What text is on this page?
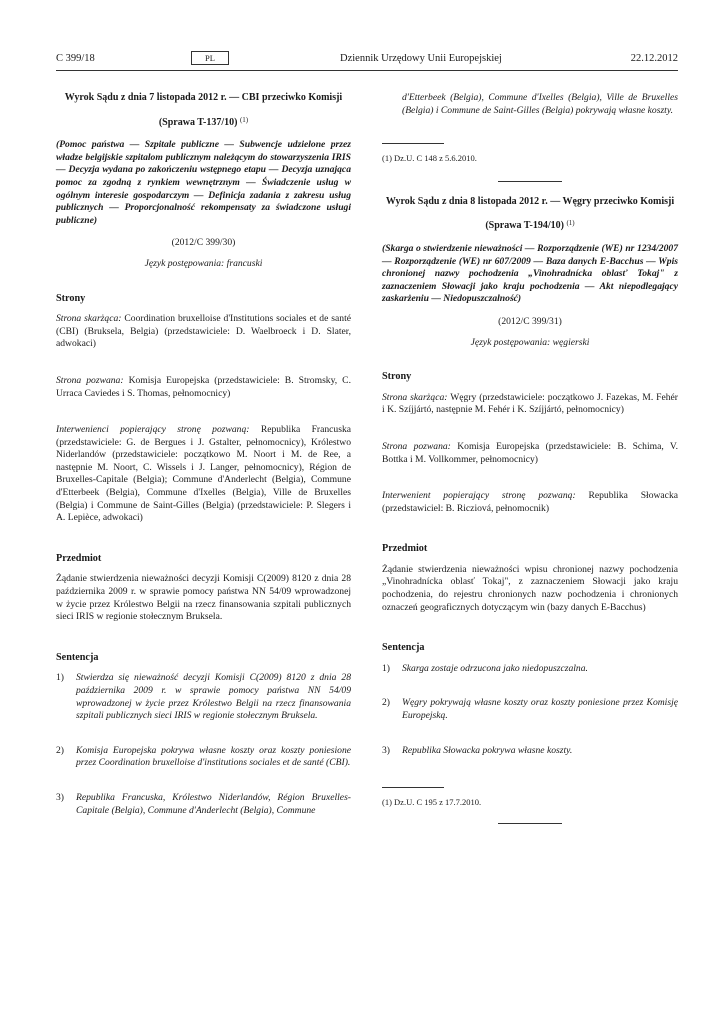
C 399/18	PL	Dziennik Urzędowy Unii Europejskiej	22.12.2012

Wyrok Sądu z dnia 7 listopada 2012 r. — CBI przeciwko Komisji

(Sprawa T-137/10) $^{(1)}$

(Pomoc państwa — Szpitale publiczne — Subwencje udzielone przez władze belgijskie szpitalom publicznym należącym do stowarzyszenia IRIS — Decyzja wydana po zakończeniu wstępnego etapu — Decyzja uznająca pomoc za zgodną z rynkiem wewnętrznym — Świadczenie usług w ogólnym interesie gospodarczym — Definicja zadania z zakresu usług publicznych — Proporcjonalność rekompensaty za świadczone usługi publiczne)

(2012/C 399/30)

Język postępowania: francuski

Strony

Strona skarżąca: Coordination bruxelloise d'Institutions sociales et de santé (CBI) (Bruksela, Belgia) (przedstawiciele: D. Waelbroeck i D. Slater, adwokaci)

Strona pozwana: Komisja Europejska (przedstawiciele: B. Stromsky, C. Urraca Caviedes i S. Thomas, pełnomocnicy)

Interwenienci popierający stronę pozwaną: Republika Francuska (przedstawiciele: G. de Bergues i J. Gstalter, pełnomocnicy), Królestwo Niderlandów (przedstawiciele: początkowo M. Noort i M. de Ree, a następnie M. Noort, C. Wissels i J. Langer, pełnomocnicy), Région de Bruxelles-Capitale (Belgia); Commune d'Anderlecht (Belgia), Commune d'Etterbeek (Belgia), Commune d'Ixelles (Belgia), Ville de Bruxelles (Belgia) i Commune de Saint-Gilles (Belgia) (przedstawiciele: P. Slegers i A. Lepièce, adwokaci)

Przedmiot

Żądanie stwierdzenia nieważności decyzji Komisji C(2009) 8120 z dnia 28 października 2009 r. w sprawie pomocy państwa NN 54/09 wprowadzonej w życie przez Królestwo Belgii na rzecz finansowania szpitali publicznych sieci IRIS w regionie stołecznym Bruksela.

Sentencja

1) Stwierdza się nieważność decyzji Komisji C(2009) 8120 z dnia 28 października 2009 r. w sprawie pomocy państwa NN 54/09 wprowadzonej w życie przez Królestwo Belgii na rzecz finansowania szpitali publicznych sieci IRIS w regionie stołecznym Bruksela.
2) Komisja Europejska pokrywa własne koszty oraz koszty poniesione przez Coordination bruxelloise d'institutions sociales et de santé (CBI).
3) Republika Francuska, Królestwo Niderlandów, Région Bruxelles-Capitale (Belgia), Commune d'Anderlecht (Belgia), Commune

d'Etterbeek (Belgia), Commune d'Ixelles (Belgia), Ville de Bruxelles (Belgia) i Commune de Saint-Gilles (Belgia) pokrywają własne koszty.

(1) Dz.U. C 148 z 5.6.2010.

Wyrok Sądu z dnia 8 listopada 2012 r. — Węgry przeciwko Komisji

(Sprawa T-194/10) $^{(1)}$

(Skarga o stwierdzenie nieważności — Rozporządzenie (WE) nr 1234/2007 — Rozporządzenie (WE) nr 607/2009 — Baza danych E-Bacchus — Wpis chronionej nazwy pochodzenia „Vinohradnícka oblasť Tokaj" z zaznaczeniem Słowacji jako kraju pochodzenia — Akt niepodlegający zaskarżeniu — Niedopuszczalność)

(2012/C 399/31)

Język postępowania: węgierski

Strony

Strona skarżąca: Węgry (przedstawiciele: początkowo J. Fazekas, M. Fehér i K. Szíjjártó, następnie M. Fehér i K. Szíjjártó, pełnomocnicy)

Strona pozwana: Komisja Europejska (przedstawiciele: B. Schima, V. Bottka i M. Vollkommer, pełnomocnicy)

Interwenient popierający stronę pozwaną: Republika Słowacka (przedstawiciel: B. Ricziová, pełnomocnik)

Przedmiot

Żądanie stwierdzenia nieważności wpisu chronionej nazwy pochodzenia „Vinohradnícka oblasť Tokaj", z zaznaczeniem Słowacji jako kraju pochodzenia, do rejestru chronionych nazw pochodzenia i chronionych oznaczeń geograficznych dotyczącym win (bazy danych E-Bacchus)

Sentencja

1) Skarga zostaje odrzucona jako niedopuszczalna.
2) Węgry pokrywają własne koszty oraz koszty poniesione przez Komisję Europejską.
3) Republika Słowacka pokrywa własne koszty.

(1) Dz.U. C 195 z 17.7.2010.
